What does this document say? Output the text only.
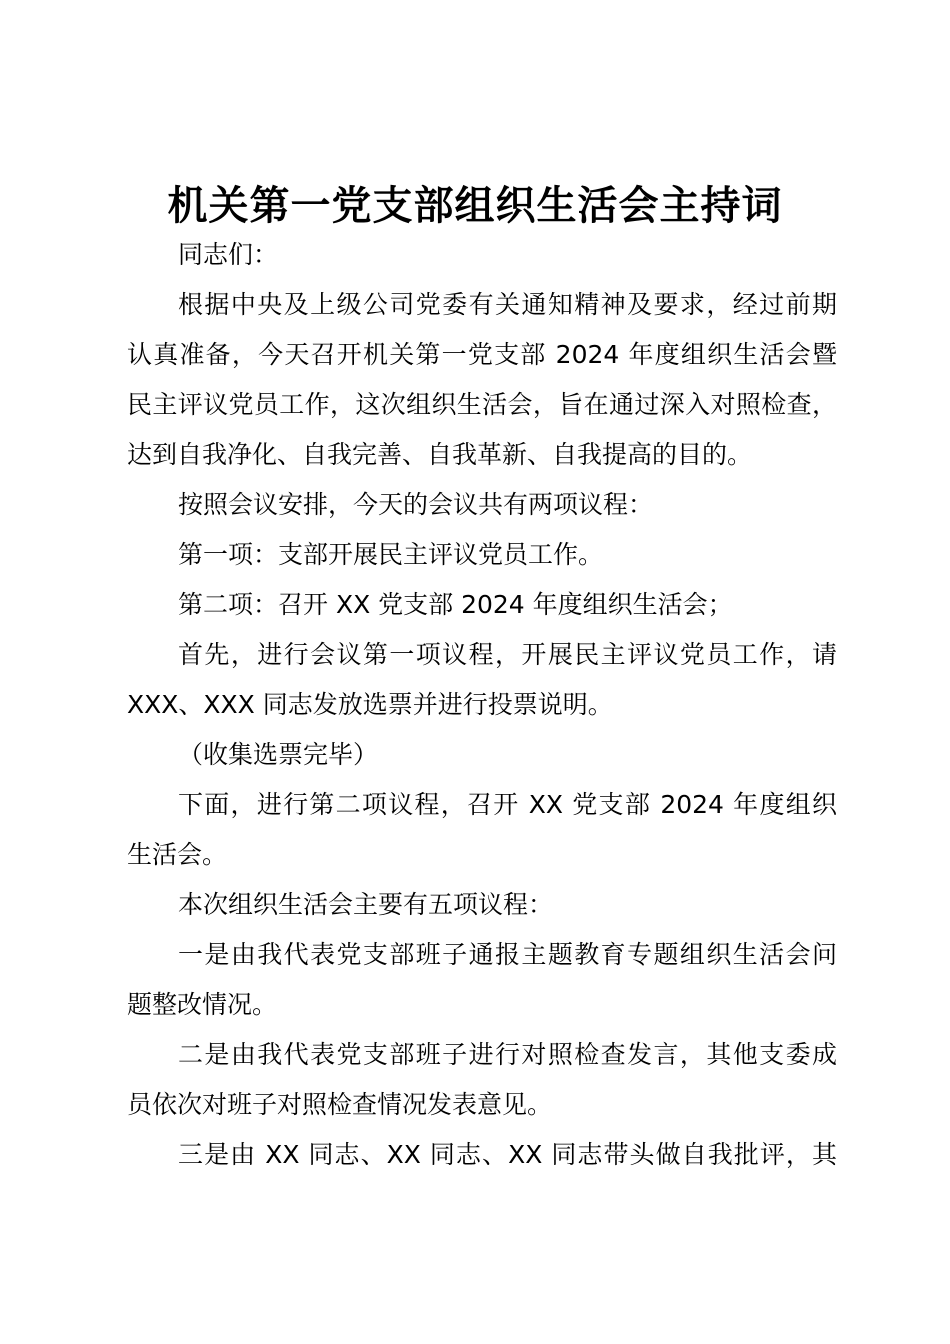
机关第一党支部组织生活会主持词
同志们：
根据中央及上级公司党委有关通知精神及要求，经过前期
认真准备，今天召开机关第一党支部 2024 年度组织生活会暨
民主评议党员工作，这次组织生活会，旨在通过深入对照检查，
达到自我净化、自我完善、自我革新、自我提高的目的。
按照会议安排，今天的会议共有两项议程：
第一项：支部开展民主评议党员工作。
第二项：召开 XX 党支部 2024 年度组织生活会；
首先，进行会议第一项议程，开展民主评议党员工作，请
XXX、XXX 同志发放选票并进行投票说明。
（收集选票完毕）
下面，进行第二项议程，召开 XX 党支部 2024 年度组织
生活会。
本次组织生活会主要有五项议程：
一是由我代表党支部班子通报主题教育专题组织生活会问
题整改情况。
二是由我代表党支部班子进行对照检查发言，其他支委成
员依次对班子对照检查情况发表意见。
三是由 XX 同志、XX 同志、XX 同志带头做自我批评，其
